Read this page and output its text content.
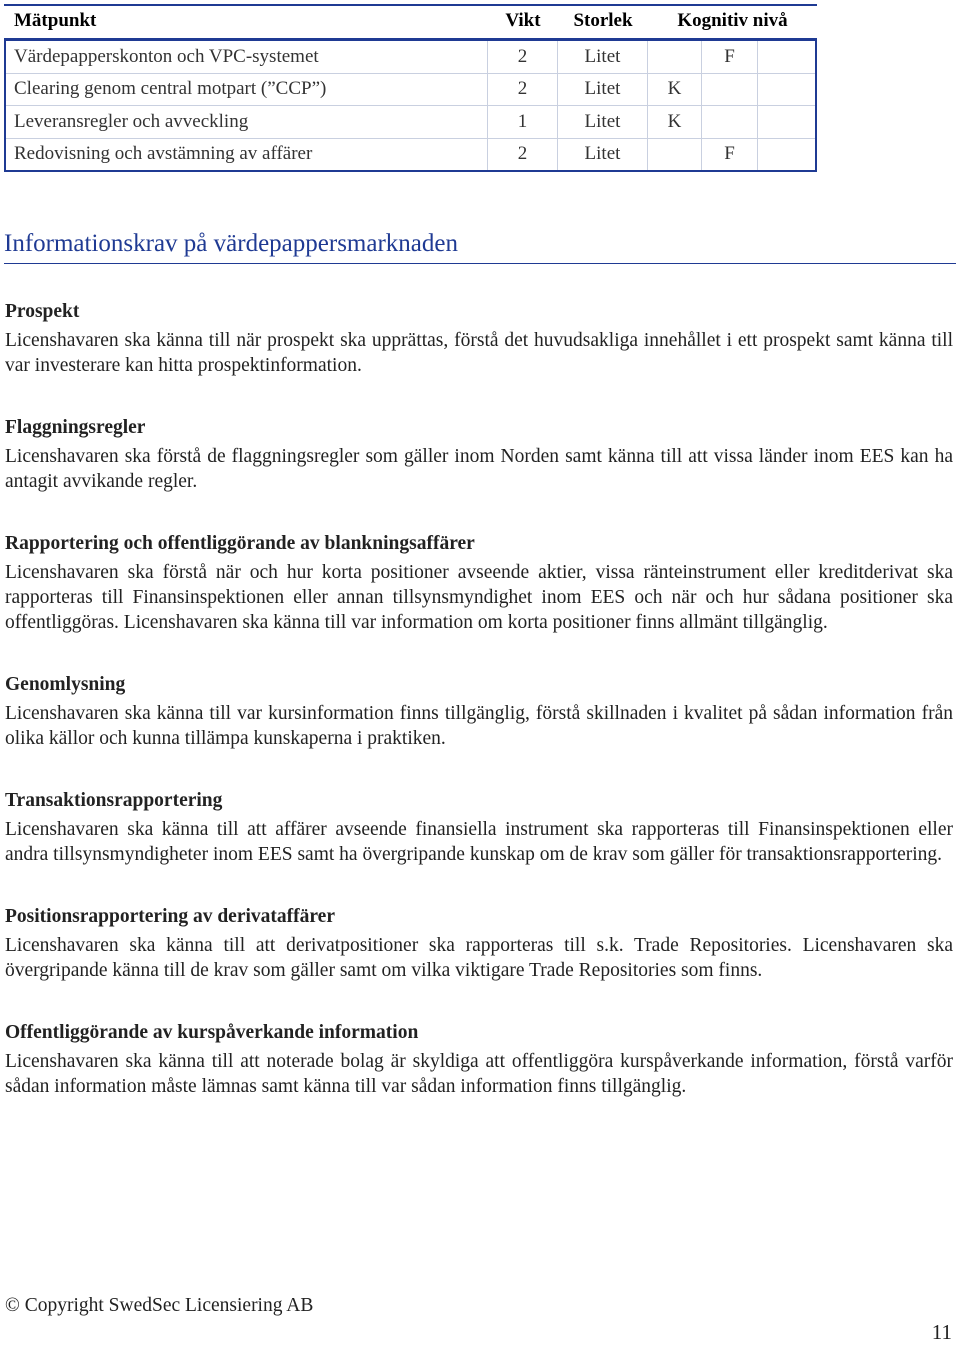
Mätpunkt	Vikt	Storlek	Kognitiv nivå
Värdepapperskonton och VPC-systemet	2	Litet	F
Clearing genom central motpart (”CCP”)	2	Litet	K
Leveransregler och avveckling	1	Litet	K
Redovisning och avstämning av affärer	2	Litet	F
Informationskrav på värdepappersmarknaden
Prospekt

Licenshavaren ska känna till när prospekt ska upprättas, förstå det huvudsakliga innehållet i ett prospekt samt känna till var investerare kan hitta prospektinformation.

Flaggningsregler

Licenshavaren ska förstå de flaggningsregler som gäller inom Norden samt känna till att vissa länder inom EES kan ha antagit avvikande regler.

Rapportering och offentliggörande av blankningsaffärer

Licenshavaren ska förstå när och hur korta positioner avseende aktier, vissa ränteinstrument eller kreditderivat ska rapporteras till Finansinspektionen eller annan tillsynsmyndighet inom EES och när och hur sådana positioner ska offentliggöras. Licenshavaren ska känna till var information om korta positioner finns allmänt tillgänglig.

Genomlysning

Licenshavaren ska känna till var kursinformation finns tillgänglig, förstå skillnaden i kvalitet på sådan information från olika källor och kunna tillämpa kunskaperna i praktiken.

Transaktionsrapportering

Licenshavaren ska känna till att affärer avseende finansiella instrument ska rapporteras till Finansinspektionen eller andra tillsynsmyndigheter inom EES samt ha övergripande kunskap om de krav som gäller för transaktionsrapportering.

Positionsrapportering av derivataffärer

Licenshavaren ska känna till att derivatpositioner ska rapporteras till s.k. Trade Repositories. Licenshavaren ska övergripande känna till de krav som gäller samt om vilka viktigare Trade Repositories som finns.

Offentliggörande av kurspåverkande information

Licenshavaren ska känna till att noterade bolag är skyldiga att offentliggöra kurspåverkande information, förstå varför sådan information måste lämnas samt känna till var sådan information finns tillgänglig.

© Copyright SwedSec Licensiering AB
11
